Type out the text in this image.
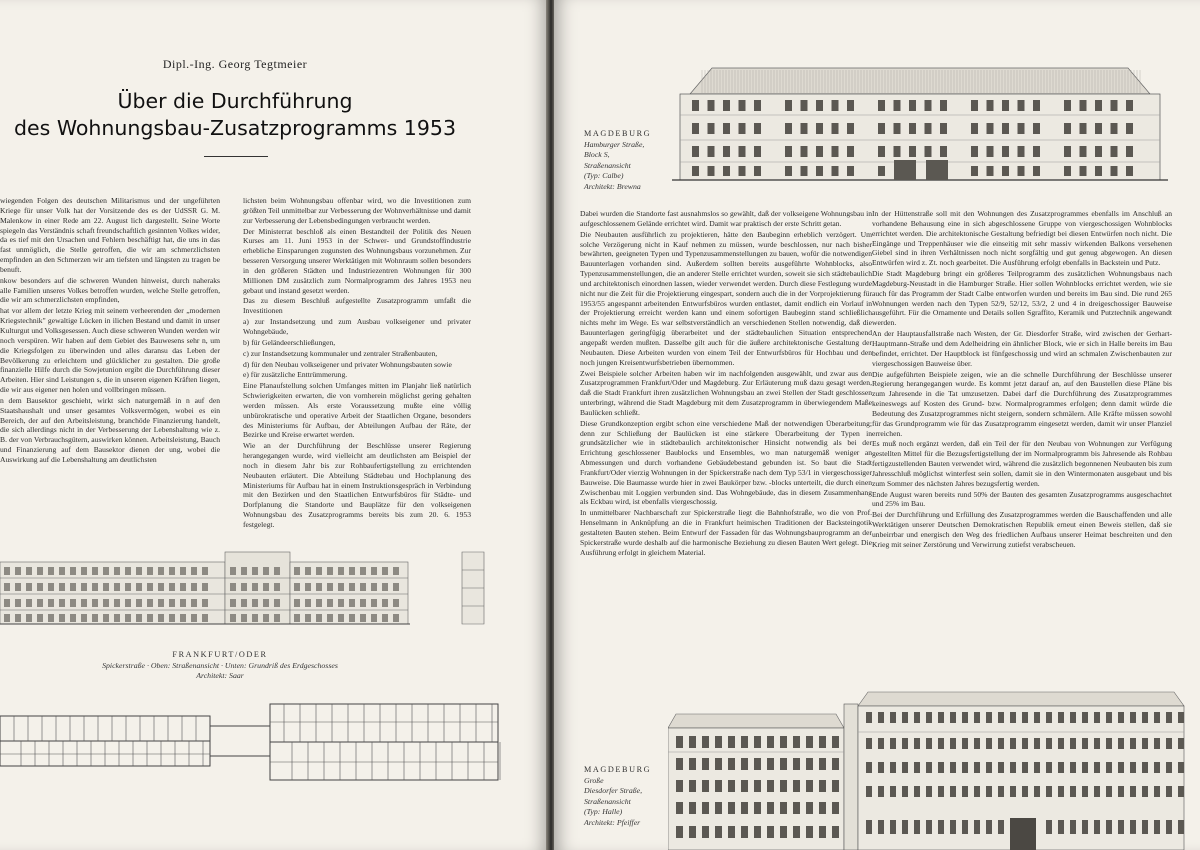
Dipl.-Ing. Georg Tegtmeier
Über die Durchführung
des Wohnungsbau-Zusatzprogramms 1953

wiegenden Folgen des deutschen Militarismus und der ungeführten Kriege für unser Volk hat der Vorsitzende des es der UdSSR G. M. Malenkow in einer Rede am 22. August lich dargestellt. Seine Worte spiegeln das Verständnis schaft freundschaftlich gesinnten Volkes wider, da es tief mit den Ursachen und Fehlern beschäftigt hat, die uns in das fast unmöglich, die Stelle getroffen, die wir am schmerzlichsten empfinden an den Schmerzen wir am tiefsten und längsten zu tragen be benuft.

nkow besonders auf die schweren Wunden hinweist, durch naheraks alle Familien unseres Volkes betroffen wurden, welche Stelle getroffen, die wir am schmerzlichsten empfinden,

hat vor allem der letzte Krieg mit seinem verheerenden der „modernen Kriegstechnik" gewaltige Lücken in ilichen Bestand und damit in unser Kulturgut und Volksgesessen. Auch diese schweren Wunden werden wir noch verspüren. Wir haben auf dem Gebiet des Bauwesens sehr n, um die Kriegsfolgen zu überwinden und alles daransu das Leben der Bevölkerung zu erleichtern und glücklicher zu gestalten. Die große finanzielle Hilfe durch die Sowjetunion ergibt die Durchführung dieser Arbeiten. Hier sind Leistungen s, die in unseren eigenen Kräften liegen, die wir aus eigener nen holen und vollbringen müssen.

n dem Bausektor geschieht, wirkt sich naturgemäß in n auf den Staatshaushalt und unser gesamtes Volksvermögen, wobei es ein Bereich, der auf den Arbeitsleistung, branchöde Finanzierung handelt, die sich allerdings nicht in der Verbesserung der Lebenshaltung wie z. B. der von Verbrauchsgütern, auswirken können. Arbeitsleistung, Bauch und Finanzierung auf dem Bausektor dienen der ung, wobei die Auswirkung auf die Lebenshaltung am deutlichsten

lichsten beim Wohnungsbau offenbar wird, wo die Investitionen zum größten Teil unmittelbar zur Verbesserung der Wohnverhältnisse und damit zur Verbesserung der Lebensbedingungen verbraucht werden.

Der Ministerrat beschloß als einen Bestandteil der Politik des Neuen Kurses am 11. Juni 1953 in der Schwer- und Grundstoffindustrie erhebliche Einsparungen zugunsten des Wohnungsbaus vorzunehmen. Zur besseren Versorgung unserer Werktätigen mit Wohnraum sollen besonders in den größeren Städten und Industriezentren Wohnungen für 300 Millionen DM zusätzlich zum Normalprogramm des Jahres 1953 neu gebaut und instand gesetzt werden.

Das zu diesem Beschluß aufgestellte Zusatzprogramm umfaßt die Investitionen

a) zur Instandsetzung und zum Ausbau volkseigener und privater Wohngebäude,

b) für Geländeerschließungen,

c) zur Instandsetzung kommunaler und zentraler Straßenbauten,

d) für den Neubau volkseigener und privater Wohnungsbauten sowie

e) für zusätzliche Enttrümmerung.

Eine Planaufstellung solchen Umfanges mitten im Planjahr ließ natürlich Schwierigkeiten erwarten, die von vornherein möglichst gering gehalten werden müssen. Als erste Voraussetzung mußte eine völlig unbürokratische und operative Arbeit der Staatlichen Organe, besonders des Ministeriums für Aufbau, der Abteilungen Aufbau der Räte, der Bezirke und Kreise erwartet werden.

Wie an der Durchführung der Beschlüsse unserer Regierung herangegangen wurde, wird vielleicht am deutlichsten am Beispiel der noch in diesem Jahr bis zur Rohbaufertigstellung zu errichtenden Neubauten erläutert. Die Abteilung Städtebau und Hochplanung des Ministeriums für Aufbau hat in einem Instruktionsgespräch in Verbindung mit den Bezirken und den Staatlichen Entwurfsbüros für Städte- und Dorfplanung die Standorte und Bauplätze für den volkseigenen Wohnungsbau des Zusatzprogramms bereits bis zum 20. 6. 1953 festgelegt.

FRANKFURT/ODER
Spickerstraße · Oben: Straßenansicht · Unten: Grundriß des Erdgeschosses
Architekt: Saar
MAGDEBURG
Hamburger Straße,
Block S,
Straßenansicht
(Typ: Calbe)
Architekt: Brewna

Dabei wurden die Standorte fast ausnahmslos so gewählt, daß der volkseigene Wohnungsbau in aufgeschlossenem Gelände errichtet wird. Damit war praktisch der erste Schritt getan.

Die Neubauten ausführlich zu projektieren, hätte den Baubeginn erheblich verzögert. Um solche Verzögerung nicht in Kauf nehmen zu müssen, wurde beschlossen, nur nach bisher bewährten, geeigneten Typen und Typenzusammenstellungen zu bauen, wofür die notwendigen Bauunterlagen vorhanden sind. Außerdem sollten bereits ausgeführte Wohnblocks, also Typenzusammenstellungen, die an anderer Stelle errichtet wurden, soweit sie sich städtebaulich und architektonisch einordnen lassen, wieder verwendet werden. Durch diese Festlegung wurde nicht nur die Zeit für die Projektierung eingespart, sondern auch die in der Vorprojektierung für 1953/55 angespannt arbeitenden Entwurfsbüros wurden entlastet, damit endlich ein Vorlauf in der Projektierung erreicht werden kann und einem sofortigen Baubeginn stand schließlich nichts mehr im Wege. Es war selbstverständlich an verschiedenen Stellen notwendig, daß die Bauunterlagen geringfügig überarbeitet und der städtebaulichen Situation entsprechend angepaßt werden mußten. Dasselbe gilt auch für die äußere architektonische Gestaltung der Neubauten. Diese Arbeiten wurden von einem Teil der Entwurfsbüros für Hochbau und den noch jungen Kreisentwurfsbetrieben übernommen.

Zwei Beispiele solcher Arbeiten haben wir im nachfolgenden ausgewählt, und zwar aus den Zusatzprogrammen Frankfurt/Oder und Magdeburg. Zur Erläuterung muß dazu gesagt werden, daß die Stadt Frankfurt ihren zusätzlichen Wohnungsbau an zwei Stellen der Stadt geschlossen unterbringt, während die Stadt Magdeburg mit dem Zusatzprogramm in überwiegendem Maße Baulücken schließt.

Diese Grundkonzeption ergibt schon eine verschiedene Maß der notwendigen Überarbeitung; denn zur Schließung der Baulücken ist eine stärkere Überarbeitung der Typen in grundsätzlicher wie in städtebaulich architektonischer Hinsicht notwendig als bei der Errichtung geschlossener Baublocks und Ensembles, wo man naturgemäß weniger an Abmessungen und durch vorhandene Gebäudebestand gebunden ist. So baut die Stadt Frankfurt/Oder vierzig Wohnungen in der Spickerstraße nach dem Typ 53/1 in viergeschossiger Bauweise. Die Baumasse wurde hier in zwei Baukörper bzw. -blocks unterteilt, die durch einen Zwischenbau mit Loggien verbunden sind. Das Wohngebäude, das in diesem Zusammenhang als Eckbau wird, ist ebenfalls viergeschossig.

In unmittelbarer Nachbarschaft zur Spickerstraße liegt die Bahnhofstraße, wo die von Prof. Henselmann in Anknüpfung an die in Frankfurt heimischen Traditionen der Backsteingotik gestalteten Bauten stehen. Beim Entwurf der Fassaden für das Wohnungsbauprogramm an der Spickerstraße wurde deshalb auf die harmonische Beziehung zu diesen Bauten Wert gelegt. Die Ausführung erfolgt in gleichem Material.

In der Hüttenstraße soll mit den Wohnungen des Zusatzprogrammes ebenfalls im Anschluß an vorhandene Behausung eine in sich abgeschlossene Gruppe von viergeschossigen Wohnblocks errichtet werden. Die architektonische Gestaltung befriedigt bei diesen Entwürfen noch nicht. Die Eingänge und Treppenhäuser wie die einseitig mit sehr massiv wirkenden Balkons versehenen Giebel sind in ihren Verhältnissen noch nicht sorgfältig und gut genug abgewogen. An diesen Entwürfen wird z. Zt. noch gearbeitet. Die Ausführung erfolgt ebenfalls in Backstein und Putz.

Die Stadt Magdeburg bringt ein größeres Teilprogramm des zusätzlichen Wohnungsbaus nach Magdeburg-Neustadt in die Hamburger Straße. Hier sollen Wohnblocks errichtet werden, wie sie auch für das Programm der Stadt Calbe entworfen wurden und bereits im Bau sind. Die rund 265 Wohnungen werden nach den Typen 52/9, 52/12, 53/2, 2 und 4 in dreigeschossiger Bauweise ausgeführt. Für die Ornamente und Details sollen Sgraffito, Keramik und Putztechnik angewandt werden.

An der Hauptausfallstraße nach Westen, der Gr. Diesdorfer Straße, wird zwischen der Gerhart-Hauptmann-Straße und dem Adelheidring ein ähnlicher Block, wie er sich in Halle bereits im Bau befindet, errichtet. Der Hauptblock ist fünfgeschossig und wird an schmalen Zwischenbauten zur viergeschossigen Bauweise über.

Die aufgeführten Beispiele zeigen, wie an die schnelle Durchführung der Beschlüsse unserer Regierung herangegangen wurde. Es kommt jetzt darauf an, auf den Baustellen diese Pläne bis zum Jahresende in die Tat umzusetzen. Dabei darf die Durchführung des Zusatzprogrammes keineswegs auf Kosten des Grund- bzw. Normalprogrammes erfolgen; denn damit würde die Bedeutung des Zusatzprogrammes nicht steigern, sondern schmälern. Alle Kräfte müssen sowohl für das Grundprogramm wie für das Zusatzprogramm eingesetzt werden, damit wir unser Planziel erreichen.

Es muß noch ergänzt werden, daß ein Teil der für den Neubau von Wohnungen zur Verfügung gestellten Mittel für die Bezugsfertigstellung der im Normalprogramm bis Jahresende als Rohbau fertigzustellenden Bauten verwendet wird, während die zusätzlich begonnenen Neubauten bis zum Jahresschluß möglichst winterfest sein sollen, damit sie in den Wintermonaten ausgebaut und bis zum Sommer des nächsten Jahres bezugsfertig werden.

Ende August waren bereits rund 50% der Bauten des gesamten Zusatzprogramms ausgeschachtet und 25% im Bau.

Bei der Durchführung und Erfüllung des Zusatzprogrammes werden die Bauschaffenden und alle Werktätigen unserer Deutschen Demokratischen Republik erneut einen Beweis stellen, daß sie unbeirrbar und energisch den Weg des friedlichen Aufbaus unserer Heimat beschreiten und den Krieg mit seiner Zerstörung und Verwirrung zutiefst verabscheuen.

MAGDEBURG
Große
Diesdorfer Straße,
Straßenansicht
(Typ: Halle)
Architekt: Pfeiffer
